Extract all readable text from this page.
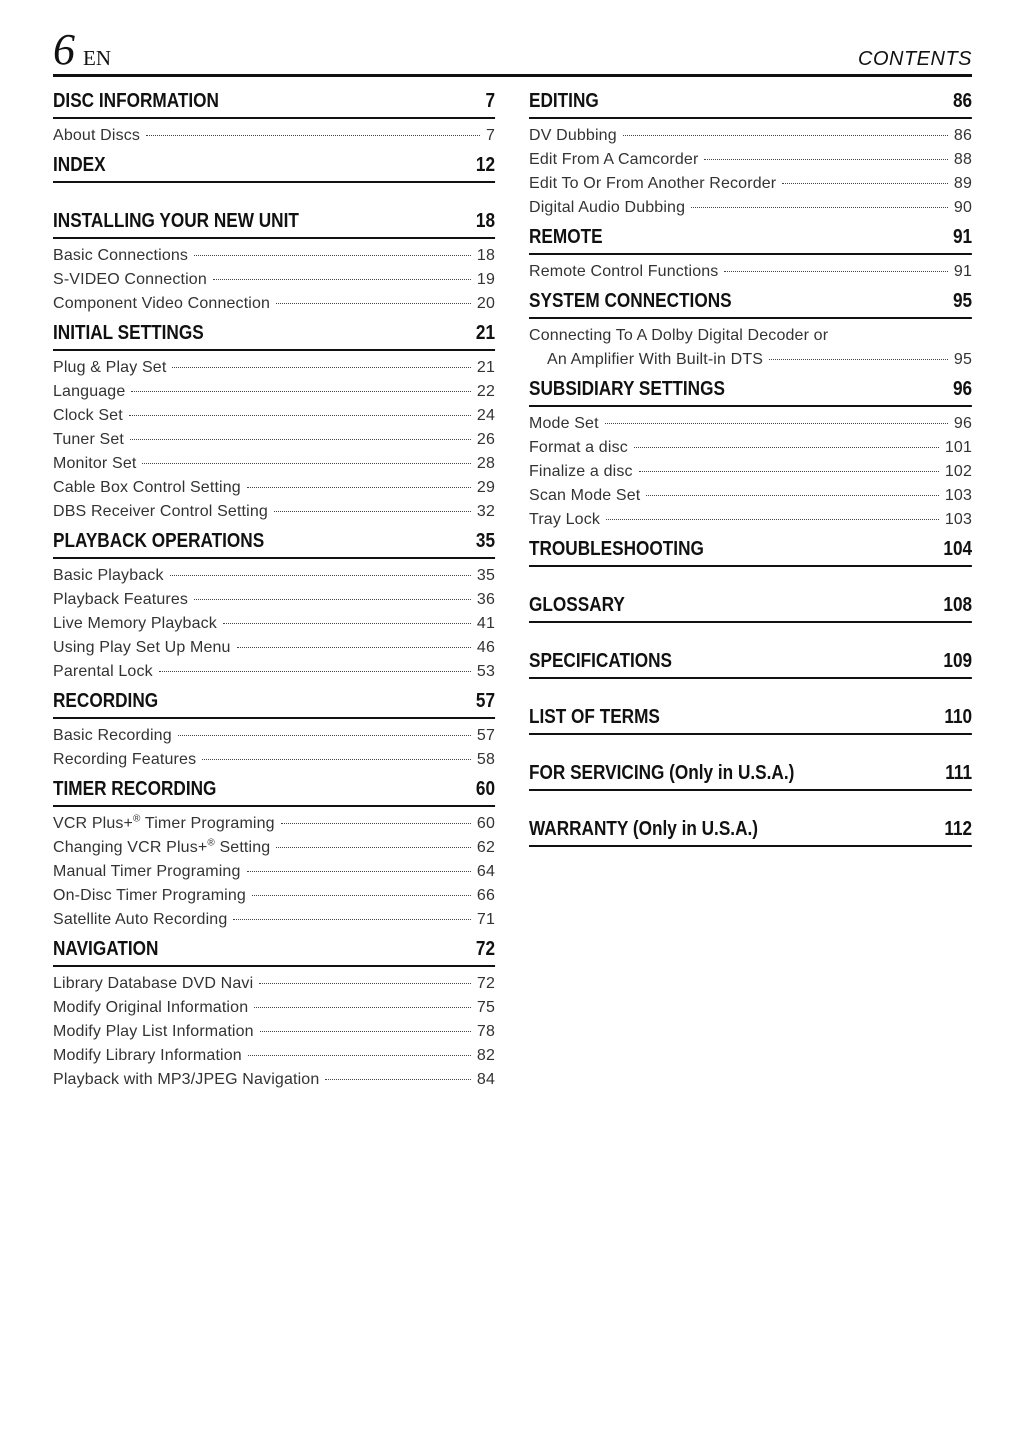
6 EN	CONTENTS
DISC INFORMATION	7
About Discs	7
INDEX	12
INSTALLING YOUR NEW UNIT	18
Basic Connections	18
S-VIDEO Connection	19
Component Video Connection	20
INITIAL SETTINGS	21
Plug & Play Set	21
Language	22
Clock Set	24
Tuner Set	26
Monitor Set	28
Cable Box Control Setting	29
DBS Receiver Control Setting	32
PLAYBACK OPERATIONS	35
Basic Playback	35
Playback Features	36
Live Memory Playback	41
Using Play Set Up Menu	46
Parental Lock	53
RECORDING	57
Basic Recording	57
Recording Features	58
TIMER RECORDING	60
VCR Plus+® Timer Programing	60
Changing VCR Plus+® Setting	62
Manual Timer Programing	64
On-Disc Timer Programing	66
Satellite Auto Recording	71
NAVIGATION	72
Library Database DVD Navi	72
Modify Original Information	75
Modify Play List Information	78
Modify Library Information	82
Playback with MP3/JPEG Navigation	84
EDITING	86
DV Dubbing	86
Edit From A Camcorder	88
Edit To Or From Another Recorder	89
Digital Audio Dubbing	90
REMOTE	91
Remote Control Functions	91
SYSTEM CONNECTIONS	95
Connecting To A Dolby Digital Decoder or
An Amplifier With Built-in DTS	95
SUBSIDIARY SETTINGS	96
Mode Set	96
Format a disc	101
Finalize a disc	102
Scan Mode Set	103
Tray Lock	103
TROUBLESHOOTING	104
GLOSSARY	108
SPECIFICATIONS	109
LIST OF TERMS	110
FOR SERVICING (Only in U.S.A.)	111
WARRANTY (Only in U.S.A.)	112
